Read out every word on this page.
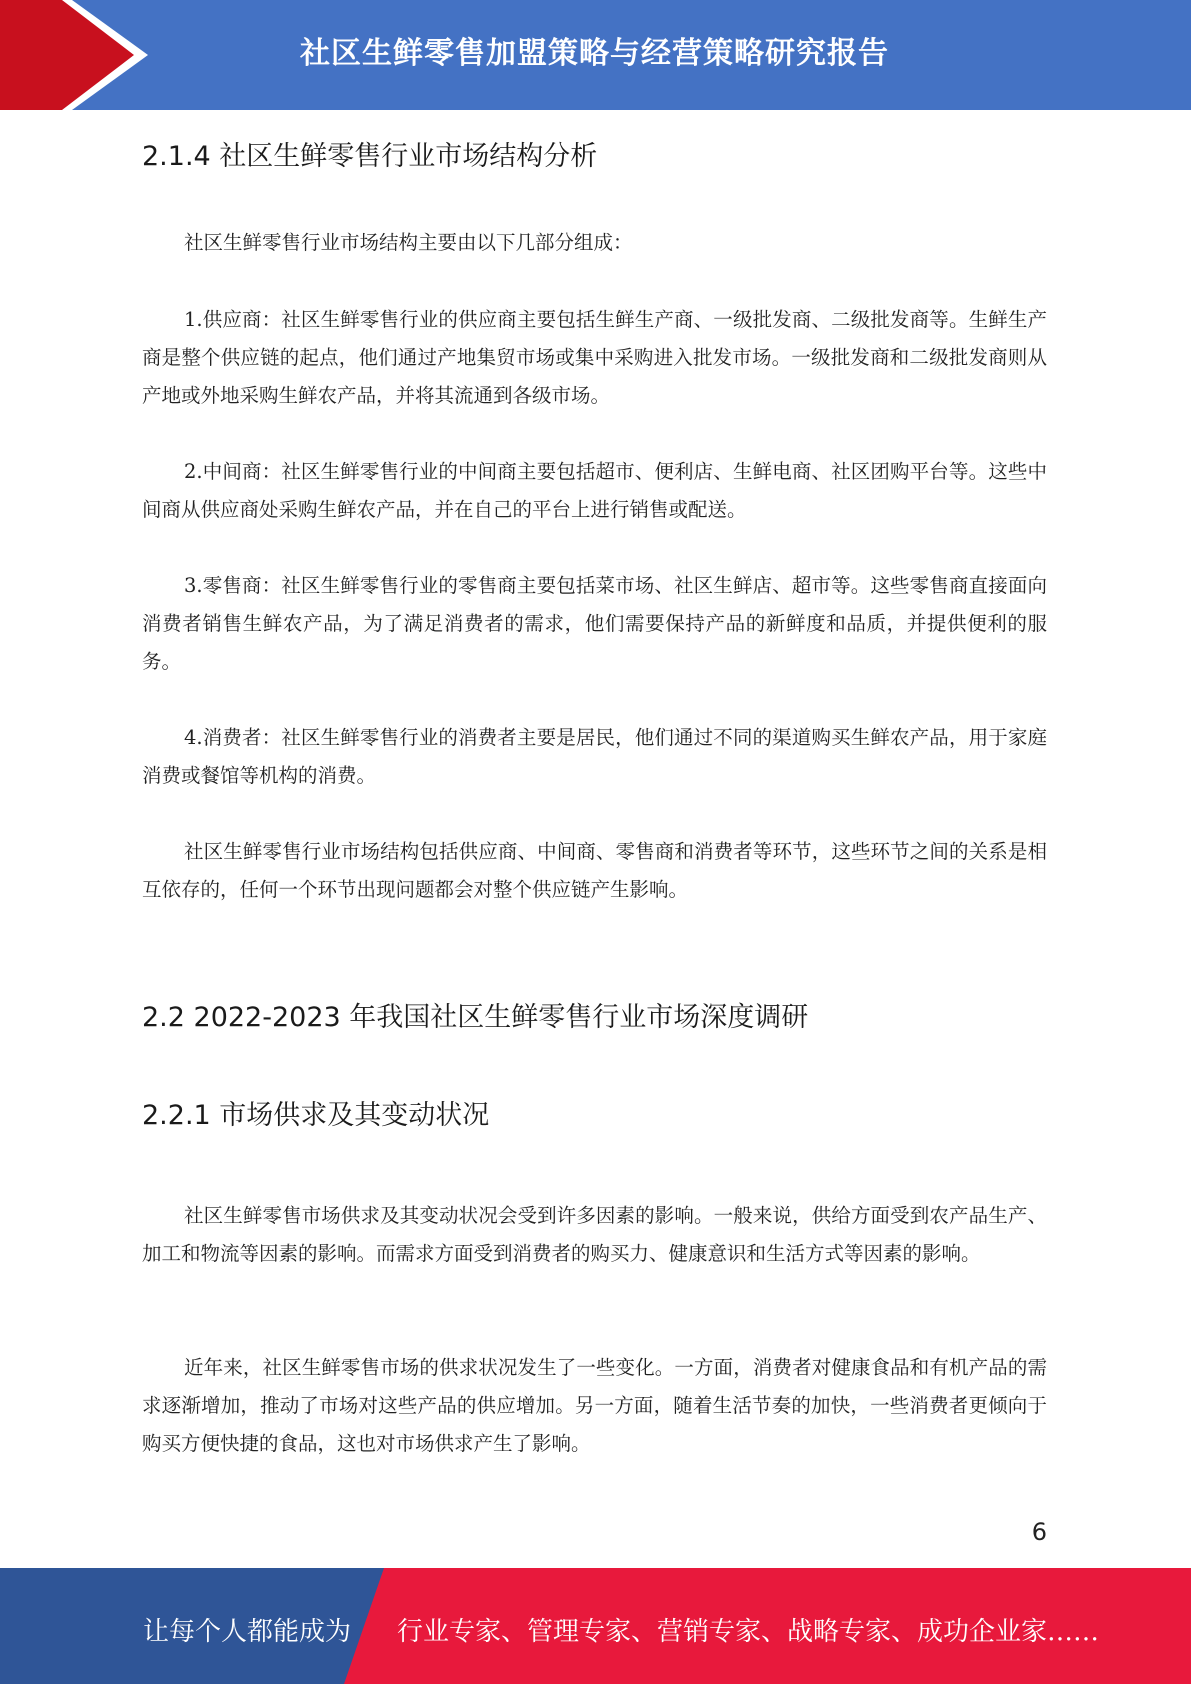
社区生鲜零售加盟策略与经营策略研究报告
2.1.4 社区生鲜零售行业市场结构分析

社区生鲜零售行业市场结构主要由以下几部分组成：

1.供应商：社区生鲜零售行业的供应商主要包括生鲜生产商、一级批发商、二级批发商等。生鲜生产商是整个供应链的起点，他们通过产地集贸市场或集中采购进入批发市场。一级批发商和二级批发商则从产地或外地采购生鲜农产品，并将其流通到各级市场。

2.中间商：社区生鲜零售行业的中间商主要包括超市、便利店、生鲜电商、社区团购平台等。这些中间商从供应商处采购生鲜农产品，并在自己的平台上进行销售或配送。

3.零售商：社区生鲜零售行业的零售商主要包括菜市场、社区生鲜店、超市等。这些零售商直接面向消费者销售生鲜农产品，为了满足消费者的需求，他们需要保持产品的新鲜度和品质，并提供便利的服务。

4.消费者：社区生鲜零售行业的消费者主要是居民，他们通过不同的渠道购买生鲜农产品，用于家庭消费或餐馆等机构的消费。

社区生鲜零售行业市场结构包括供应商、中间商、零售商和消费者等环节，这些环节之间的关系是相互依存的，任何一个环节出现问题都会对整个供应链产生影响。

2.2 2022-2023 年我国社区生鲜零售行业市场深度调研
2.2.1 市场供求及其变动状况

社区生鲜零售市场供求及其变动状况会受到许多因素的影响。一般来说，供给方面受到农产品生产、加工和物流等因素的影响。而需求方面受到消费者的购买力、健康意识和生活方式等因素的影响。

近年来，社区生鲜零售市场的供求状况发生了一些变化。一方面，消费者对健康食品和有机产品的需求逐渐增加，推动了市场对这些产品的供应增加。另一方面，随着生活节奏的加快，一些消费者更倾向于购买方便快捷的食品，这也对市场供求产生了影响。

6
让每个人都能成为 行业专家、管理专家、营销专家、战略专家、成功企业家……
